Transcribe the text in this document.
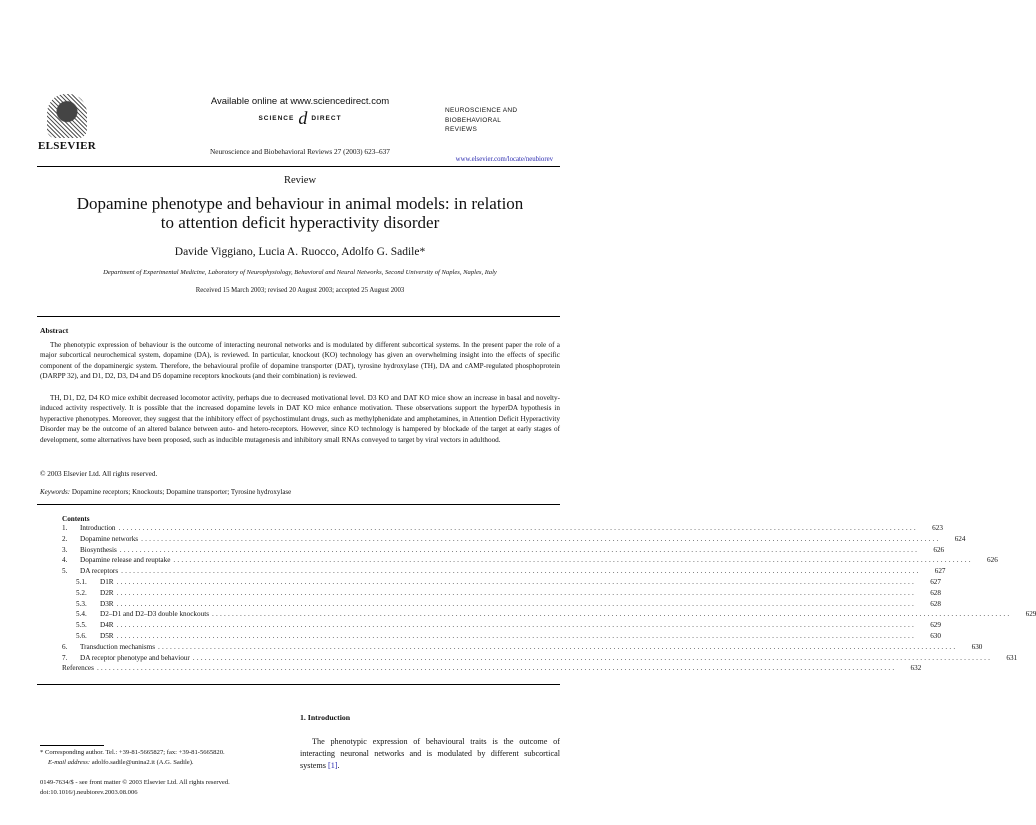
ELSEVIER
Available online at www.sciencedirect.com
SCIENCE d DIRECT
Neuroscience and Biobehavioral Reviews 27 (2003) 623–637
NEUROSCIENCE AND
BIOBEHAVIORAL
REVIEWS
www.elsevier.com/locate/neubiorev
Review
Dopamine phenotype and behaviour in animal models: in relation
to attention deficit hyperactivity disorder
Davide Viggiano, Lucia A. Ruocco, Adolfo G. Sadile*
Department of Experimental Medicine, Laboratory of Neurophysiology, Behavioral and Neural Networks, Second University of Naples, Naples, Italy
Received 15 March 2003; revised 20 August 2003; accepted 25 August 2003
Abstract
The phenotypic expression of behaviour is the outcome of interacting neuronal networks and is modulated by different subcortical systems. In the present paper the role of a major subcortical neurochemical system, dopamine (DA), is reviewed. In particular, knockout (KO) technology has given an overwhelming insight into the effects of specific component of the dopaminergic system. Therefore, the behavioural profile of dopamine transporter (DAT), tyrosine hydroxylase (TH), DA and cAMP-regulated phosphoprotein (DARPP 32), and D1, D2, D3, D4 and D5 dopamine receptors knockouts (and their combination) is reviewed.
TH, D1, D2, D4 KO mice exhibit decreased locomotor activity, perhaps due to decreased motivational level. D3 KO and DAT KO mice show an increase in basal and novelty-induced activity respectively. It is possible that the increased dopamine levels in DAT KO mice enhance motivation. These observations support the hyperDA hypothesis in hyperactive phenotypes. Moreover, they suggest that the inhibitory effect of psychostimulant drugs, such as methylphenidate and amphetamines, in Attention Deficit Hyperactivity Disorder may be the outcome of an altered balance between auto- and hetero-receptors. However, since KO technology is hampered by blockade of the target at early stages of development, some alternatives have been proposed, such as inducible mutagenesis and inhibitory small RNAs conveyed to target by viral vectors in adulthood.
© 2003 Elsevier Ltd. All rights reserved.
Keywords: Dopamine receptors; Knockouts; Dopamine transporter; Tyrosine hydroxylase
Contents
1.	Introduction ........................................................................................................................................................................................................	623
2.	Dopamine networks ........................................................................................................................................................................................................	624
3.	Biosynthesis ........................................................................................................................................................................................................	626
4.	Dopamine release and reuptake ........................................................................................................................................................................................................	626
5.	DA receptors ........................................................................................................................................................................................................	627
5.1.	D1R ........................................................................................................................................................................................................	627
5.2.	D2R ........................................................................................................................................................................................................	628
5.3.	D3R ........................................................................................................................................................................................................	628
5.4.	D2–D1 and D2–D3 double knockouts ........................................................................................................................................................................................................	629
5.5.	D4R ........................................................................................................................................................................................................	629
5.6.	D5R ........................................................................................................................................................................................................	630
6.	Transduction mechanisms ........................................................................................................................................................................................................	630
7.	DA receptor phenotype and behaviour ........................................................................................................................................................................................................	631
References ........................................................................................................................................................................................................	632
1. Introduction
The phenotypic expression of behavioural traits is the outcome of interacting neuronal networks and is modulated by different subcortical systems [1].
* Corresponding author. Tel.: +39-81-5665827; fax: +39-81-5665820.
E-mail address: adolfo.sadile@unina2.it (A.G. Sadile).
0149-7634/$ - see front matter © 2003 Elsevier Ltd. All rights reserved.
doi:10.1016/j.neubiorev.2003.08.006
